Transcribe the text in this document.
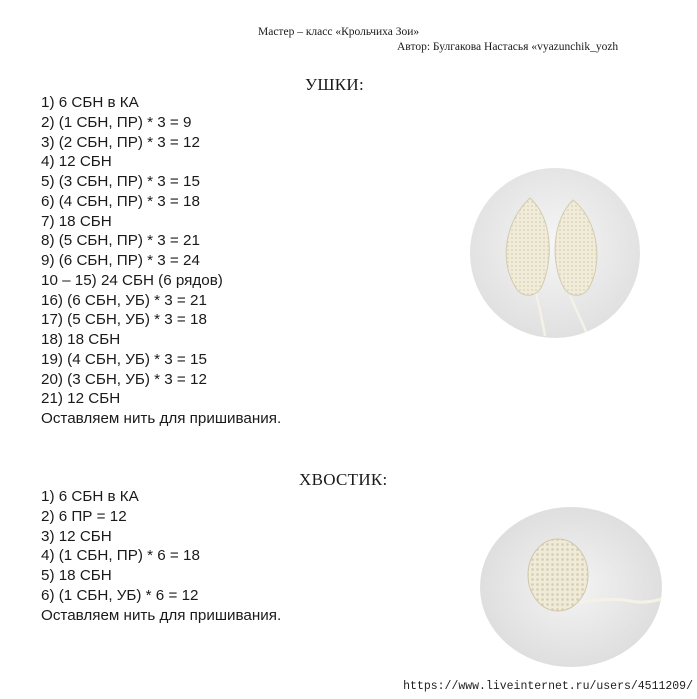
Мастер – класс «Крольчиха Зои»
Автор: Булгакова Настасья «vyazunchik_yozh
УШКИ:
1) 6 СБН в КА
2) (1 СБН, ПР) * 3 = 9
3) (2 СБН, ПР) * 3 = 12
4) 12 СБН
5) (3 СБН, ПР) * 3 = 15
6) (4 СБН, ПР) * 3 = 18
7) 18 СБН
8) (5 СБН, ПР) * 3 = 21
9) (6 СБН, ПР) * 3 = 24
10 – 15) 24 СБН (6 рядов)
16) (6 СБН, УБ) * 3 = 21
17) (5 СБН, УБ) * 3 = 18
18) 18 СБН
19) (4 СБН, УБ) * 3 = 15
20) (3 СБН, УБ) * 3 = 12
21) 12 СБН
Оставляем нить для пришивания.
ХВОСТИК:
1) 6 СБН в КА
2) 6 ПР = 12
3) 12 СБН
4) (1 СБН, ПР) * 6 = 18
5) 18 СБН
6) (1 СБН, УБ) * 6 = 12
Оставляем нить для пришивания.
https://www.liveinternet.ru/users/4511209/
